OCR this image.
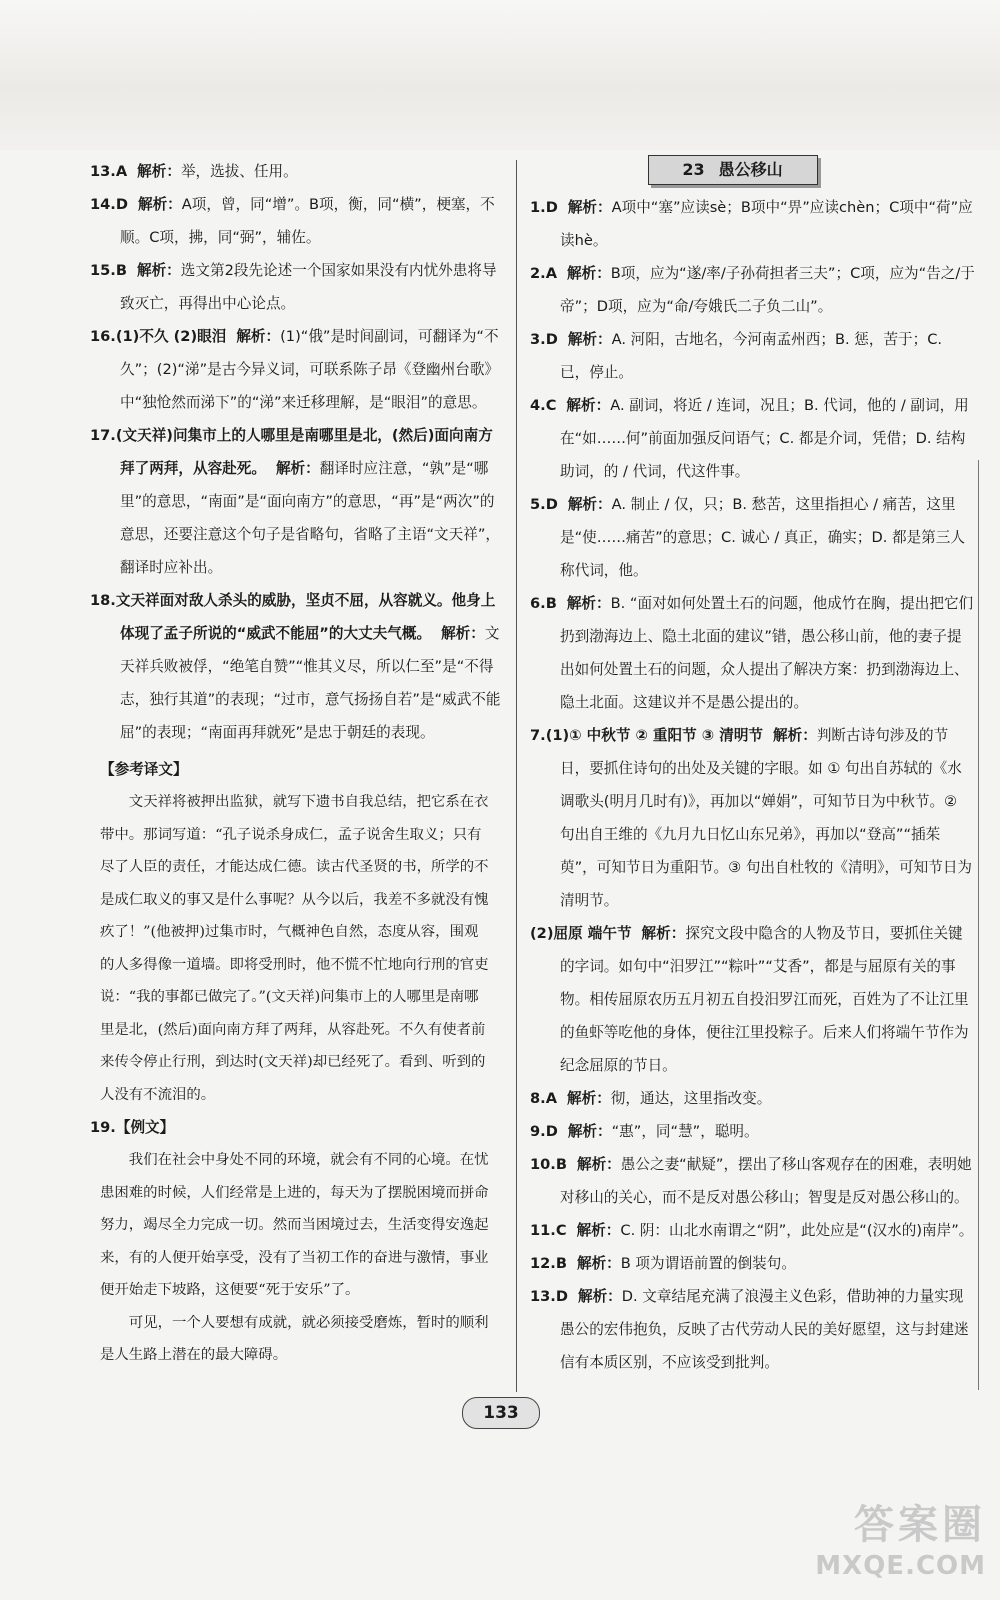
13.A 解析：举，选拔、任用。

14.D 解析：A项，曾，同“增”。B项，衡，同“横”，梗塞，不顺。C项，拂，同“弼”，辅佐。

15.B 解析：选文第2段先论述一个国家如果没有内忧外患将导致灭亡，再得出中心论点。

16.(1)不久 (2)眼泪 解析：(1)“俄”是时间副词，可翻译为“不久”；(2)“涕”是古今异义词，可联系陈子昂《登幽州台歌》中“独怆然而涕下”的“涕”来迁移理解，是“眼泪”的意思。

17.(文天祥)问集市上的人哪里是南哪里是北，(然后)面向南方拜了两拜，从容赴死。 解析：翻译时应注意，“孰”是“哪里”的意思，“南面”是“面向南方”的意思，“再”是“两次”的意思，还要注意这个句子是省略句，省略了主语“文天祥”，翻译时应补出。

18.文天祥面对敌人杀头的威胁，坚贞不屈，从容就义。他身上体现了孟子所说的“威武不能屈”的大丈夫气概。 解析：文天祥兵败被俘，“绝笔自赞”“惟其义尽，所以仁至”是“不得志，独行其道”的表现；“过市，意气扬扬自若”是“威武不能屈”的表现；“南面再拜就死”是忠于朝廷的表现。

【参考译文】

文天祥将被押出监狱，就写下遗书自我总结，把它系在衣带中。那词写道：“孔子说杀身成仁，孟子说舍生取义；只有尽了人臣的责任，才能达成仁德。读古代圣贤的书，所学的不是成仁取义的事又是什么事呢？从今以后，我差不多就没有愧疚了！”(他被押)过集市时，气概神色自然，态度从容，围观的人多得像一道墙。即将受刑时，他不慌不忙地向行刑的官吏说：“我的事都已做完了。”(文天祥)问集市上的人哪里是南哪里是北，(然后)面向南方拜了两拜，从容赴死。不久有使者前来传令停止行刑，到达时(文天祥)却已经死了。看到、听到的人没有不流泪的。

19.【例文】

我们在社会中身处不同的环境，就会有不同的心境。在忧患困难的时候，人们经常是上进的，每天为了摆脱困境而拼命努力，竭尽全力完成一切。然而当困境过去，生活变得安逸起来，有的人便开始享受，没有了当初工作的奋进与激情，事业便开始走下坡路，这便要“死于安乐”了。

可见，一个人要想有成就，就必须接受磨炼，暂时的顺利是人生路上潜在的最大障碍。

23 愚公移山

1.D 解析：A项中“塞”应读sè；B项中“畀”应读chèn；C项中“荷”应读hè。

2.A 解析：B项，应为“遂/率/子孙荷担者三夫”；C项，应为“告之/于帝”；D项，应为“命/夸娥氏二子负二山”。

3.D 解析：A. 河阳，古地名，今河南孟州西；B. 惩，苦于；C. 已，停止。

4.C 解析：A. 副词，将近 / 连词，况且；B. 代词，他的 / 副词，用在“如……何”前面加强反问语气；C. 都是介词，凭借；D. 结构助词，的 / 代词，代这件事。

5.D 解析：A. 制止 / 仅，只；B. 愁苦，这里指担心 / 痛苦，这里是“使……痛苦”的意思；C. 诚心 / 真正，确实；D. 都是第三人称代词，他。

6.B 解析：B. “面对如何处置土石的问题，他成竹在胸，提出把它们扔到渤海边上、隐土北面的建议”错，愚公移山前，他的妻子提出如何处置土石的问题，众人提出了解决方案：扔到渤海边上、隐土北面。这建议并不是愚公提出的。

7.(1)① 中秋节 ② 重阳节 ③ 清明节 解析：判断古诗句涉及的节日，要抓住诗句的出处及关键的字眼。如 ① 句出自苏轼的《水调歌头(明月几时有)》，再加以“婵娟”，可知节日为中秋节。② 句出自王维的《九月九日忆山东兄弟》，再加以“登高”“插茱萸”，可知节日为重阳节。③ 句出自杜牧的《清明》，可知节日为清明节。

(2)屈原 端午节 解析：探究文段中隐含的人物及节日，要抓住关键的字词。如句中“汨罗江”“粽叶”“艾香”，都是与屈原有关的事物。相传屈原农历五月初五自投汨罗江而死，百姓为了不让江里的鱼虾等吃他的身体，便往江里投粽子。后来人们将端午节作为纪念屈原的节日。

8.A 解析：彻，通达，这里指改变。

9.D 解析：“惠”，同“慧”，聪明。

10.B 解析：愚公之妻“献疑”，摆出了移山客观存在的困难，表明她对移山的关心，而不是反对愚公移山；智叟是反对愚公移山的。

11.C 解析：C. 阴：山北水南谓之“阴”，此处应是“(汉水的)南岸”。

12.B 解析：B 项为谓语前置的倒装句。

13.D 解析：D. 文章结尾充满了浪漫主义色彩，借助神的力量实现愚公的宏伟抱负，反映了古代劳动人民的美好愿望，这与封建迷信有本质区别，不应该受到批判。

133
答案圈
MXQE.COM
